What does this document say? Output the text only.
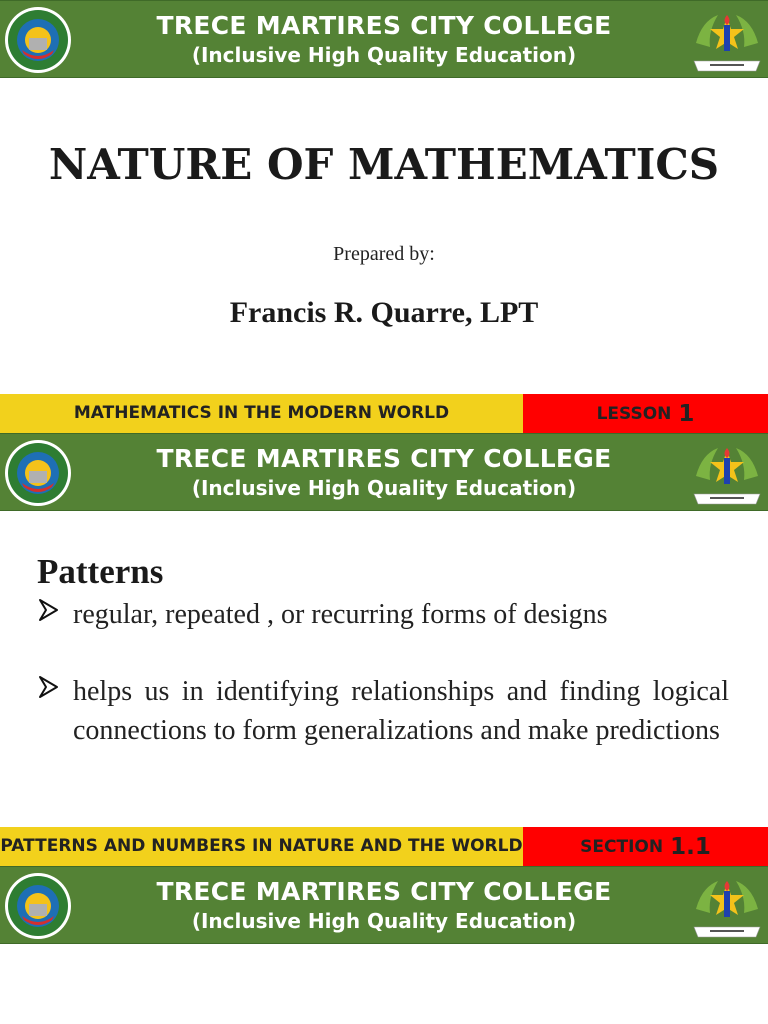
TRECE MARTIRES CITY COLLEGE
(Inclusive High Quality Education)
NATURE OF MATHEMATICS
Prepared by:
Francis R. Quarre, LPT
MATHEMATICS IN THE MODERN WORLD	LESSON 1
TRECE MARTIRES CITY COLLEGE
(Inclusive High Quality Education)
Patterns
regular, repeated , or recurring forms of designs
helps us in identifying relationships and finding logical connections to form generalizations and make predictions
PATTERNS AND NUMBERS IN NATURE AND THE WORLD	SECTION 1.1
TRECE MARTIRES CITY COLLEGE
(Inclusive High Quality Education)
